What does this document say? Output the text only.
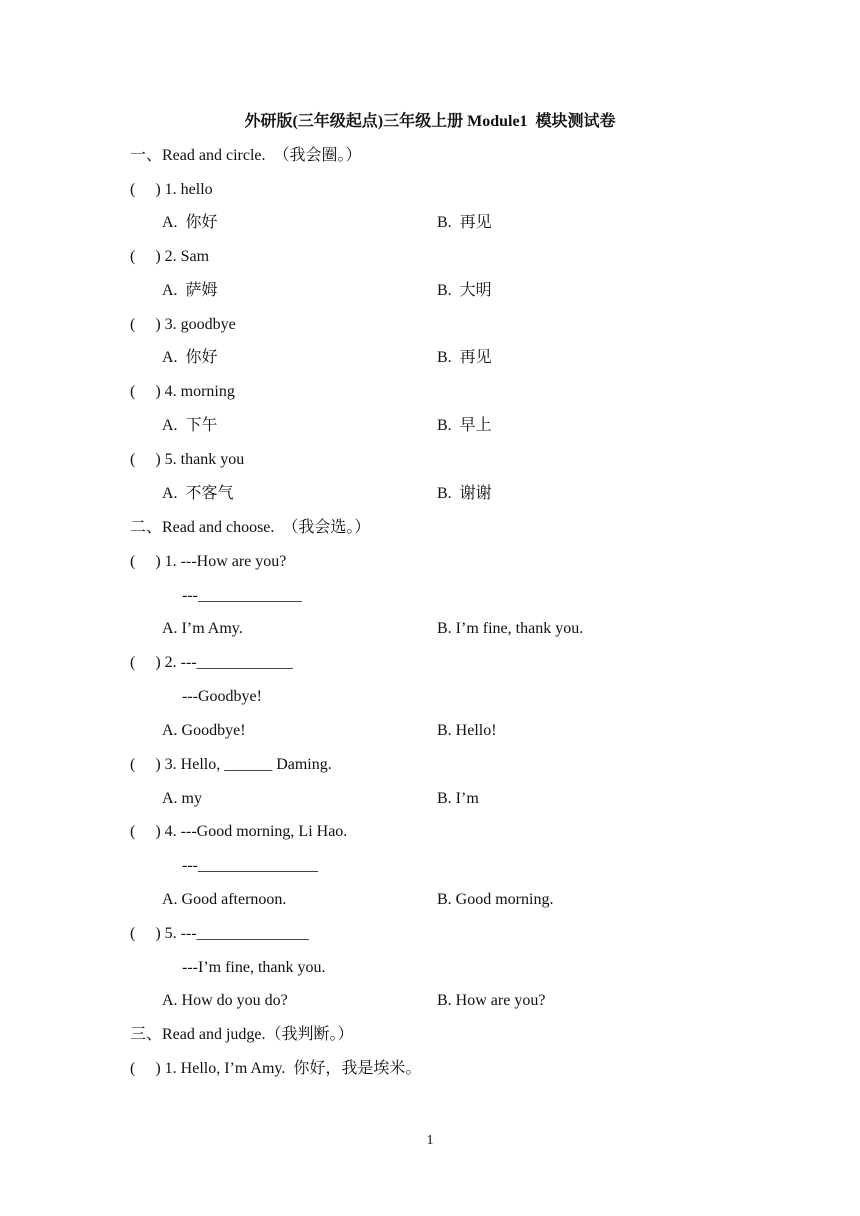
外研版(三年级起点)三年级上册 Module1  模块测试卷
一、Read and circle.  （我会圈。）
(     ) 1. hello
A.  你好	B.  再见
(     ) 2. Sam
A.  萨姆	B.  大明
(     ) 3. goodbye
A.  你好	B.  再见
(     ) 4. morning
A.  下午	B.  早上
(     ) 5. thank you
A.  不客气	B.  谢谢
二、Read and choose.  （我会选。）
(     ) 1. ---How are you?
---_____________
A. I’m Amy.	B. I’m fine, thank you.
(     ) 2. ---____________
---Goodbye!
A. Goodbye!	B. Hello!
(     ) 3. Hello, ______ Daming.
A. my	B. I’m
(     ) 4. ---Good morning, Li Hao.
---_______________
A. Good afternoon.	B. Good morning.
(     ) 5. ---______________
---I’m fine, thank you.
A. How do you do?	B. How are you?
三、Read and judge.（我判断。）
(     ) 1. Hello, I’m Amy.  你好，我是埃米。
1
